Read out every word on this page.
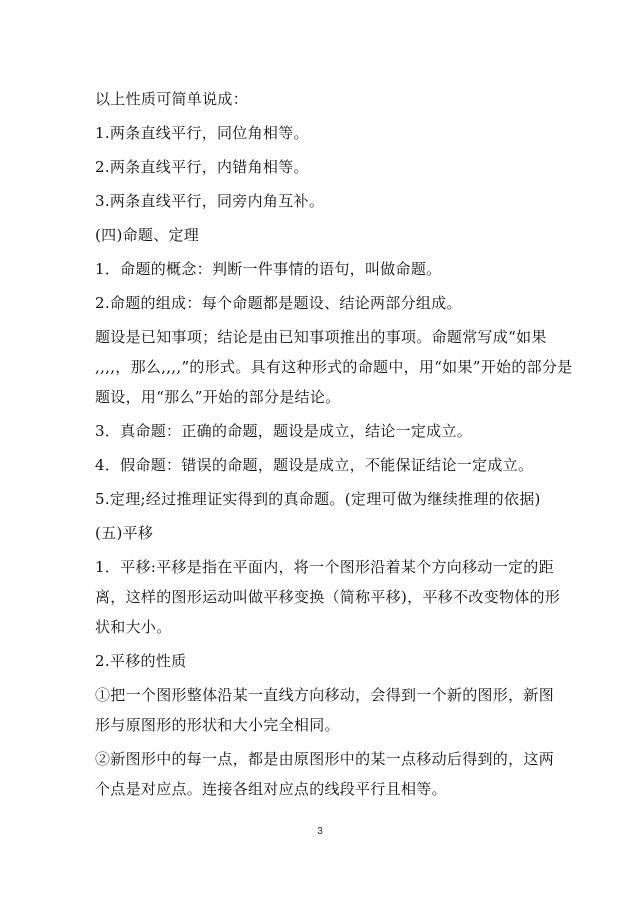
以上性质可简单说成：

1.两条直线平行，同位角相等。

2.两条直线平行，内错角相等。

3.两条直线平行，同旁内角互补。

(四)命题、定理

1．命题的概念：判断一件事情的语句，叫做命题。

2.命题的组成：每个命题都是题设、结论两部分组成。

题设是已知事项；结论是由已知事项推出的事项。命题常写成“如果
,,,,，那么,,,,”的形式。具有这种形式的命题中，用“如果”开始的部分是
题设，用“那么”开始的部分是结论。

3．真命题：正确的命题，题设是成立，结论一定成立。

4．假命题：错误的命题，题设是成立，不能保证结论一定成立。

5.定理;经过推理证实得到的真命题。(定理可做为继续推理的依据)

(五)平移

1．平移:平移是指在平面内，将一个图形沿着某个方向移动一定的距
离，这样的图形运动叫做平移变换（简称平移)，平移不改变物体的形
状和大小。

2.平移的性质

①把一个图形整体沿某一直线方向移动，会得到一个新的图形，新图
形与原图形的形状和大小完全相同。

②新图形中的每一点，都是由原图形中的某一点移动后得到的，这两
个点是对应点。连接各组对应点的线段平行且相等。

3
